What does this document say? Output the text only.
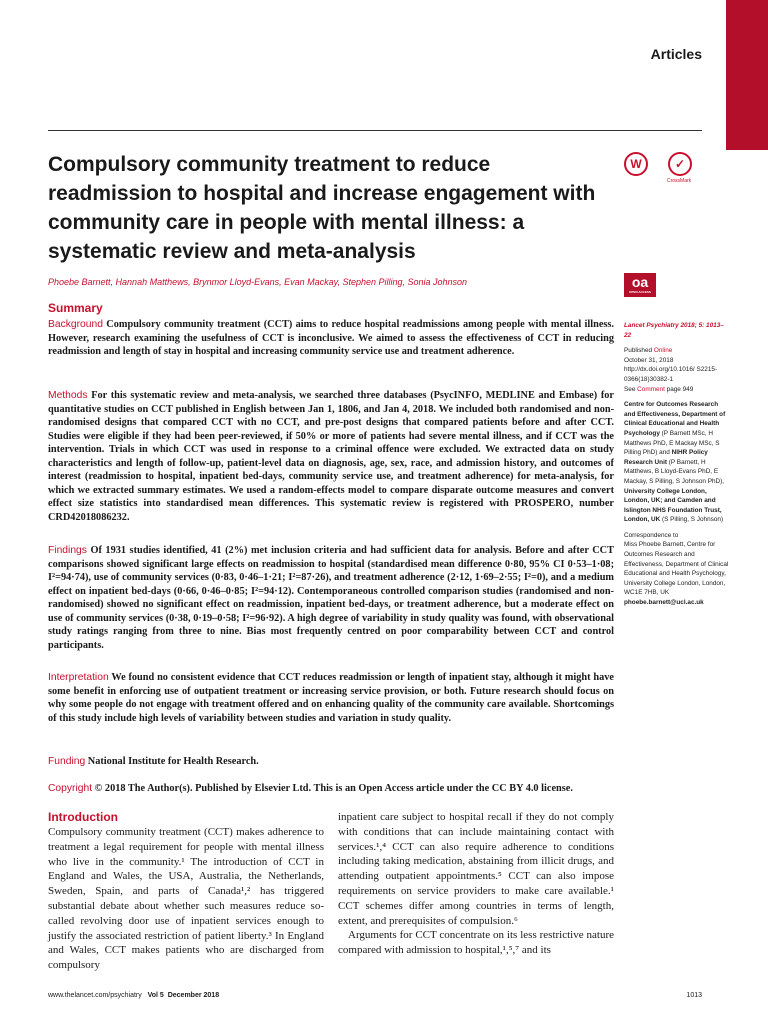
Articles
Compulsory community treatment to reduce readmission to hospital and increase engagement with community care in people with mental illness: a systematic review and meta-analysis
W	✓
CrossMark
Phoebe Barnett, Hannah Matthews, Brynmor Lloyd-Evans, Evan Mackay, Stephen Pilling, Sonia Johnson	oa
OPEN ACCESS
Summary

Background Compulsory community treatment (CCT) aims to reduce hospital readmissions among people with mental illness. However, research examining the usefulness of CCT is inconclusive. We aimed to assess the effectiveness of CCT in reducing readmission and length of stay in hospital and increasing community service use and treatment adherence.

Methods For this systematic review and meta-analysis, we searched three databases (PsycINFO, MEDLINE and Embase) for quantitative studies on CCT published in English between Jan 1, 1806, and Jan 4, 2018. We included both randomised and non-randomised designs that compared CCT with no CCT, and pre-post designs that compared patients before and after CCT. Studies were eligible if they had been peer-reviewed, if 50% or more of patients had severe mental illness, and if CCT was the intervention. Trials in which CCT was used in response to a criminal offence were excluded. We extracted data on study characteristics and length of follow-up, patient-level data on diagnosis, age, sex, race, and admission history, and outcomes of interest (readmission to hospital, inpatient bed-days, community service use, and treatment adherence) for meta-analysis, for which we extracted summary estimates. We used a random-effects model to compare disparate outcome measures and convert effect size statistics into standardised mean differences. This systematic review is registered with PROSPERO, number CRD42018086232.

Findings Of 1931 studies identified, 41 (2%) met inclusion criteria and had sufficient data for analysis. Before and after CCT comparisons showed significant large effects on readmission to hospital (standardised mean difference 0·80, 95% CI 0·53–1·08; I²=94·74), use of community services (0·83, 0·46–1·21; I²=87·26), and treatment adherence (2·12, 1·69–2·55; I²=0), and a medium effect on inpatient bed-days (0·66, 0·46–0·85; I²=94·12). Contemporaneous controlled comparison studies (randomised and non-randomised) showed no significant effect on readmission, inpatient bed-days, or treatment adherence, but a moderate effect on use of community services (0·38, 0·19–0·58; I²=96·92). A high degree of variability in study quality was found, with observational study ratings ranging from three to nine. Bias most frequently centred on poor comparability between CCT and control participants.

Interpretation We found no consistent evidence that CCT reduces readmission or length of inpatient stay, although it might have some benefit in enforcing use of outpatient treatment or increasing service provision, or both. Future research should focus on why some people do not engage with treatment offered and on enhancing quality of the community care available. Shortcomings of this study include high levels of variability between studies and variation in study quality.

Funding National Institute for Health Research.

Copyright © 2018 The Author(s). Published by Elsevier Ltd. This is an Open Access article under the CC BY 4.0 license.

Lancet Psychiatry 2018; 5: 1013–22
Published Online
October 31, 2018
http://dx.doi.org/10.1016/ S2215-0366(18)30382-1
See Comment page 949
Centre for Outcomes Research and Effectiveness, Department of Clinical Educational and Health Psychology (P Barnett MSc, H Matthews PhD, E Mackay MSc, S Pilling PhD) and NIHR Policy Research Unit (P Barnett, H Matthews, B Lloyd-Evans PhD, E Mackay, S Pilling, S Johnson PhD), University College London, London, UK; and Camden and Islington NHS Foundation Trust, London, UK (S Pilling, S Johnson)
Correspondence to
Miss Phoebe Barnett, Centre for Outcomes Research and Effectiveness, Department of Clinical Educational and Health Psychology, University College London, London, WC1E 7HB, UK
phoebe.barnett@ucl.ac.uk
Introduction

Compulsory community treatment (CCT) makes adherence to treatment a legal requirement for people with mental illness who live in the community.¹ The introduction of CCT in England and Wales, the USA, Australia, the Netherlands, Sweden, Spain, and parts of Canada¹,² has triggered substantial debate about whether such measures reduce so-called revolving door use of inpatient services enough to justify the associated restriction of patient liberty.³ In England and Wales, CCT makes patients who are discharged from compulsory

inpatient care subject to hospital recall if they do not comply with conditions that can include maintaining contact with services.¹,⁴ CCT can also require adherence to conditions including taking medication, abstaining from illicit drugs, and attending outpatient appointments.⁵ CCT can also impose requirements on service providers to make care available.¹ CCT schemes differ among countries in terms of length, extent, and prerequisites of compulsion.⁶
Arguments for CCT concentrate on its less restrictive nature compared with admission to hospital,¹,⁵,⁷ and its

www.thelancet.com/psychiatry Vol 5 December 2018	1013
